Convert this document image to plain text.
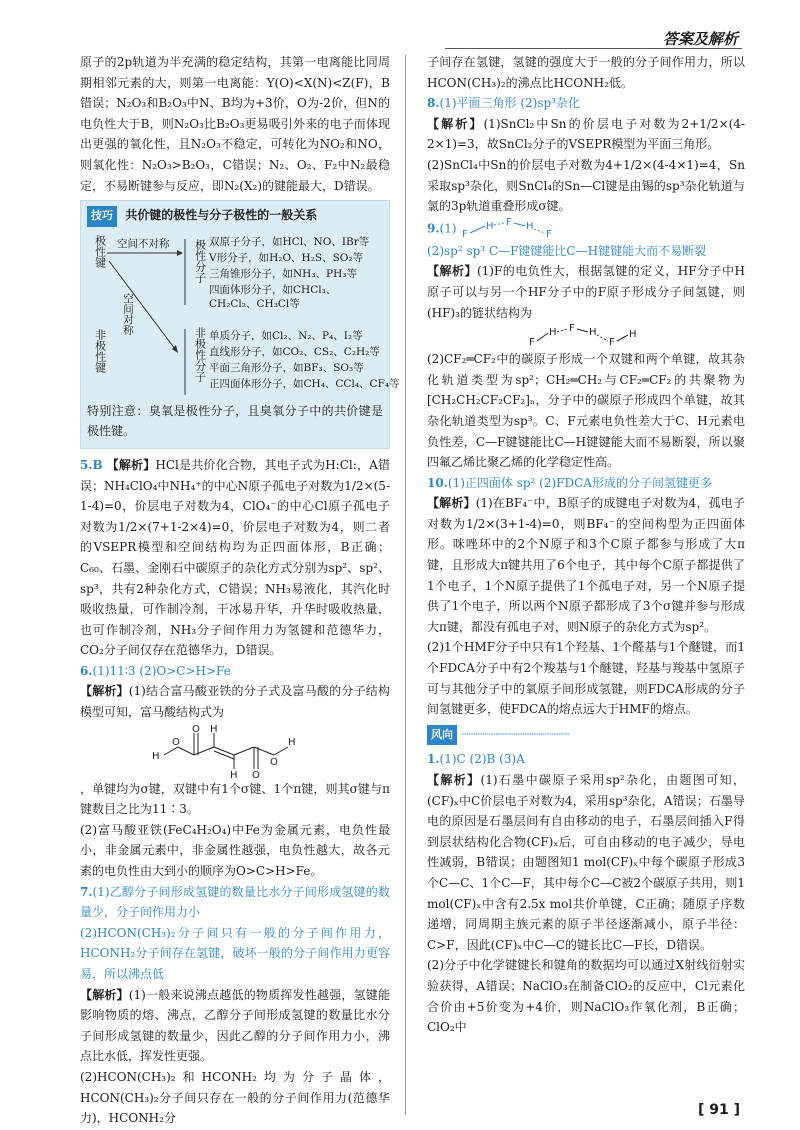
答案及解析

原子的2p轨道为半充满的稳定结构，其第一电离能比同周期相邻元素的大，则第一电离能：Y(O)<X(N)<Z(F)，B错误；N₂O₃和B₂O₃中N、B均为+3价，O为-2价，但N的电负性大于B，则N₂O₃比B₂O₃更易吸引外来的电子而体现出更强的氧化性，且N₂O₃不稳定，可转化为NO₂和NO，则氧化性：N₂O₃>B₂O₃，C错误；N₂、O₂、F₂中N₂最稳定，不易断键参与反应，即N₂(X₂)的键能最大，D错误。

技巧 共价键的极性与分子极性的一般关系
极性键 空间不对称
空间对称
非极性键
极性分子
非极性分子
双原子分子，如HCl、NO、IBr等
V形分子，如H₂O、H₂S、SO₂等
三角锥形分子，如NH₃、PH₃等
四面体形分子，如CHCl₃、CH₂Cl₂、CH₃Cl等
单质分子，如Cl₂、N₂、P₄、I₂等
直线形分子，如CO₂、CS₂、C₂H₂等
平面三角形分子，如BF₃、SO₃等
正四面体形分子，如CH₄、CCl₄、CF₄等

特别注意：臭氧是极性分子，且臭氧分子中的共价键是极性键。

5.B 【解析】HCl是共价化合物，其电子式为H:Cl:，A错误；NH₄ClO₄中NH₄⁺的中心N原子孤电子对数为1/2×(5-1-4)=0，价层电子对数为4，ClO₄⁻的中心Cl原子孤电子对数为1/2×(7+1-2×4)=0，价层电子对数为4，则二者的VSEPR模型和空间结构均为正四面体形，B正确；C₆₀、石墨、金刚石中碳原子的杂化方式分别为sp²、sp²、sp³，共有2种杂化方式，C错误；NH₃易液化，其汽化时吸收热量，可作制冷剂，干冰易升华，升华时吸收热量，也可作制冷剂，NH₃分子间作用力为氢键和范德华力，CO₂分子间仅存在范德华力，D错误。

6.(1)11∶3 (2)O>C>H>Fe

【解析】(1)结合富马酸亚铁的分子式及富马酸的分子结构模型可知，富马酸结构式为

H
O
O H
H O
O
H

，单键均为σ键，双键中有1个σ键、1个π键，则其σ键与π键数目之比为11∶3。

(2)富马酸亚铁(FeC₄H₂O₄)中Fe为金属元素，电负性最小，非金属元素中，非金属性越强，电负性越大，故各元素的电负性由大到小的顺序为O>C>H>Fe。

7.(1)乙醇分子间形成氢键的数量比水分子间形成氢键的数量少，分子间作用力小

(2)HCON(CH₃)₂分子间只有一般的分子间作用力，HCONH₂分子间存在氢键，破坏一般的分子间作用力更容易，所以沸点低

【解析】(1)一般来说沸点越低的物质挥发性越强，氢键能影响物质的熔、沸点，乙醇分子间形成氢键的数量比水分子间形成氢键的数量少，因此乙醇的分子间作用力小，沸点比水低，挥发性更强。

(2)HCON(CH₃)₂和HCONH₂均为分子晶体，HCON(CH₃)₂分子间只存在一般的分子间作用力(范德华力)，HCONH₂分

子间存在氢键，氢键的强度大于一般的分子间作用力，所以HCON(CH₃)₂的沸点比HCONH₂低。

8.(1)平面三角形 (2)sp³杂化

【解析】(1)SnCl₂中Sn的价层电子对数为2+1/2×(4-2×1)=3，故SnCl₂分子的VSEPR模型为平面三角形。

(2)SnCl₄中Sn的价层电子对数为4+1/2×(4-4×1)=4，Sn采取sp³杂化，则SnCl₄的Sn—Cl键是由锡的sp³杂化轨道与氯的3p轨道重叠形成σ键。

9.(1) F
H F H
F

(2)sp² sp³ C—F键键能比C—H键键能大而不易断裂

【解析】(1)F的电负性大，根据氢键的定义，HF分子中H原子可以与另一个HF分子中的F原子形成分子间氢键，则(HF)₃的链状结构为

F
H F H
F
H

(2)CF₂═CF₂中的碳原子形成一个双键和两个单键，故其杂化轨道类型为sp²；CH₂═CH₂与CF₂═CF₂的共聚物为[CH₂CH₂CF₂CF₂]ₙ，分子中的碳原子形成四个单键，故其杂化轨道类型为sp³。C、F元素电负性差大于C、H元素电负性差，C—F键键能比C—H键键能大而不易断裂，所以聚四氟乙烯比聚乙烯的化学稳定性高。

10.(1)正四面体 sp² (2)FDCA形成的分子间氢键更多

【解析】(1)在BF₄⁻中，B原子的成键电子对数为4，孤电子对数为1/2×(3+1-4)=0，则BF₄⁻的空间构型为正四面体形。咪唑环中的2个N原子和3个C原子都参与形成了大π键，且形成大π键共用了6个电子，其中每个C原子都提供了1个电子，1个N原子提供了1个孤电子对，另一个N原子提供了1个电子，所以两个N原子都形成了3个σ键并参与形成大π键，都没有孤电子对，则N原子的杂化方式为sp²。

(2)1个HMF分子中只有1个羟基、1个醛基与1个醚键，而1个FDCA分子中有2个羧基与1个醚键，羟基与羧基中氢原子可与其他分子中的氧原子间形成氢键，则FDCA形成的分子间氢键更多，使FDCA的熔点远大于HMF的熔点。

风向 ┈┈┈┈┈┈┈┈┈┈┈┈┈┈┈

1.(1)C (2)B (3)A

【解析】(1)石墨中碳原子采用sp²杂化，由题图可知，(CF)ₓ中C价层电子对数为4，采用sp³杂化，A错误；石墨导电的原因是石墨层间有自由移动的电子，石墨层间插入F得到层状结构化合物(CF)ₓ后，可自由移动的电子减少，导电性减弱，B错误；由题图知1 mol(CF)ₓ中每个碳原子形成3个C—C、1个C—F，其中每个C—C被2个碳原子共用，则1 mol(CF)ₓ中含有2.5x mol共价单键，C正确；随原子序数递增，同周期主族元素的原子半径逐渐减小，原子半径：C>F，因此(CF)ₓ中C—C的键长比C—F长，D错误。

(2)分子中化学键键长和键角的数据均可以通过X射线衍射实验获得，A错误；NaClO₃在制备ClO₂的反应中，Cl元素化合价由+5价变为+4价，则NaClO₃作氧化剂，B正确；ClO₂中

[ 91 ]
